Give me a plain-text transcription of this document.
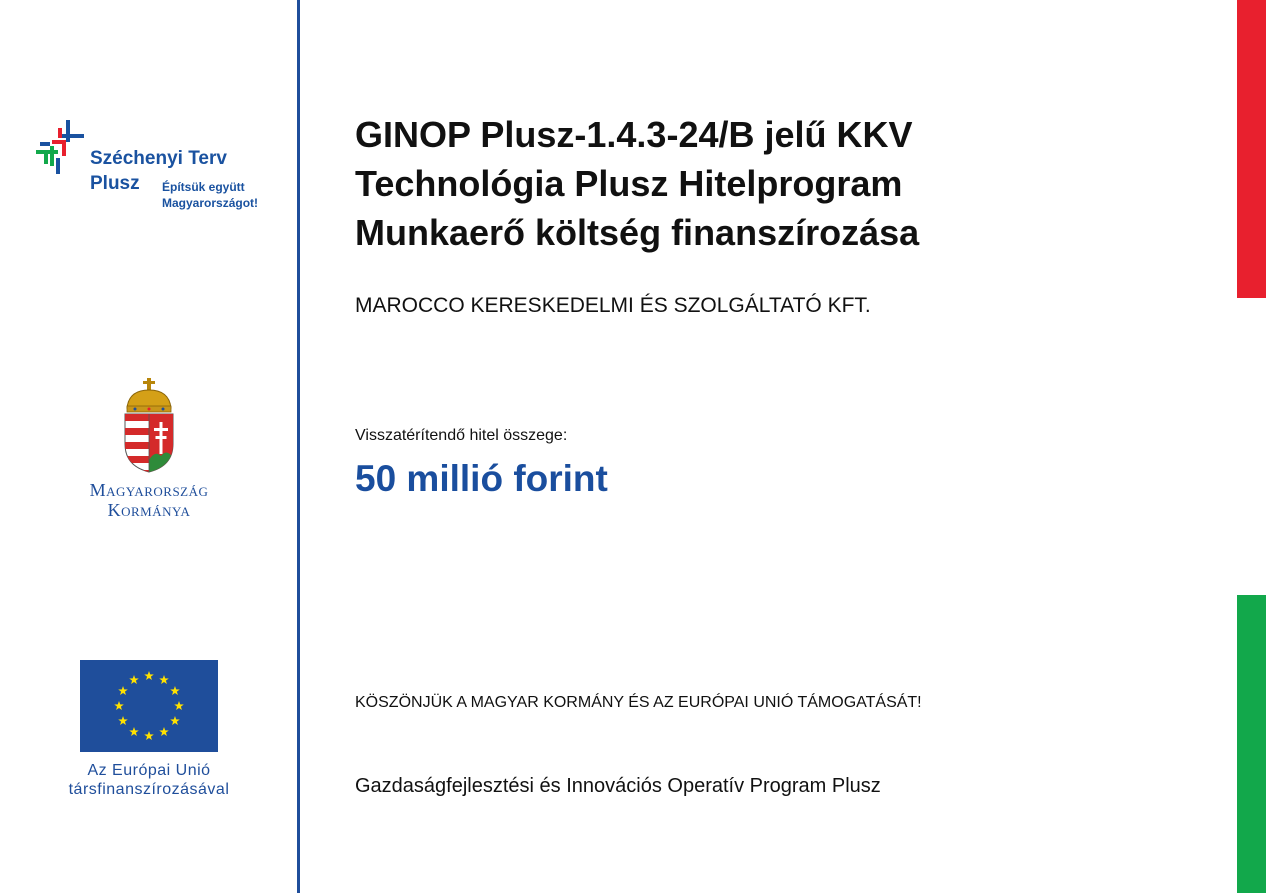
Széchenyi Terv
Plusz Építsük együtt
Magyarországot!
Magyarország
Kormánya
Az Európai Unió
társfinanszírozásával
GINOP Plusz-1.4.3-24/B jelű KKV
Technológia Plusz Hitelprogram
Munkaerő költség finanszírozása
MAROCCO KERESKEDELMI ÉS SZOLGÁLTATÓ KFT.
Visszatérítendő hitel összege:
50 millió forint
KÖSZÖNJÜK A MAGYAR KORMÁNY ÉS AZ EURÓPAI UNIÓ TÁMOGATÁSÁT!
Gazdaságfejlesztési és Innovációs Operatív Program Plusz
